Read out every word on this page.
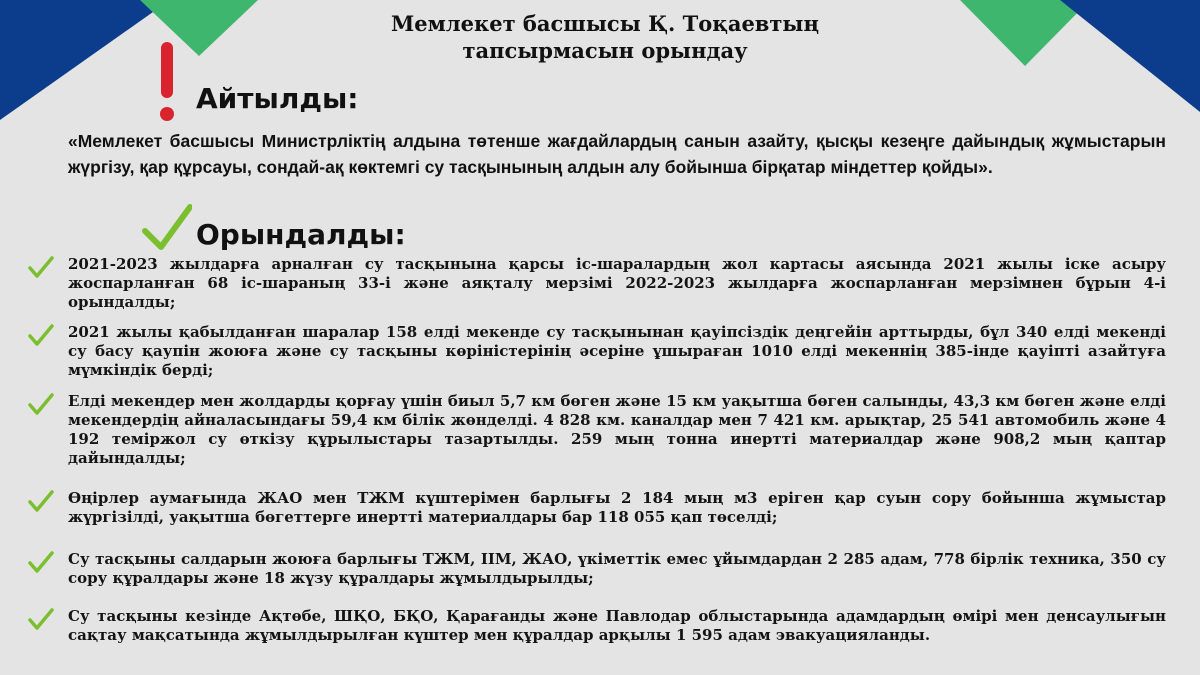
Мемлекет басшысы Қ. Тоқаевтың
тапсырмасын орындау
Айтылды:
«Мемлекет басшысы Министрліктің алдына төтенше жағдайлардың санын азайту, қысқы кезеңге дайындық жұмыстарын жүргізу, қар құрсауы, сондай-ақ көктемгі су тасқынының алдын алу бойынша бірқатар міндеттер қойды».
Орындалды:
2021-2023 жылдарға арналған су тасқынына қарсы іс-шаралардың жол картасы аясында 2021 жылы іске асыру жоспарланған 68 іс-шараның 33-і және аяқталу мерзімі 2022-2023 жылдарға жоспарланған мерзімнен бұрын 4-і орындалды;
2021 жылы қабылданған шаралар 158 елді мекенде су тасқынынан қауіпсіздік деңгейін арттырды, бұл 340 елді мекенді су басу қаупін жоюға және су тасқыны көріністерінің әсеріне ұшыраған 1010 елді мекеннің 385-інде қауіпті азайтуға мүмкіндік берді;
Елді мекендер мен жолдарды қорғау үшін биыл 5,7 км бөген және 15 км уақытша бөген салынды, 43,3 км бөген және елді мекендердің айналасындағы 59,4 км білік жөнделді. 4 828 км. каналдар мен 7 421 км. арықтар, 25 541 автомобиль және 4 192 теміржол су өткізу құрылыстары тазартылды. 259 мың тонна инертті материалдар және 908,2 мың қаптар дайындалды;
Өңірлер аумағында ЖАО мен ТЖМ күштерімен барлығы 2 184 мың м3 еріген қар суын сору бойынша жұмыстар жүргізілді, уақытша бөгеттерге инертті материалдары бар 118 055 қап төселді;
Су тасқыны салдарын жоюға барлығы ТЖМ, ІІМ, ЖАО, үкіметтік емес ұйымдардан 2 285 адам, 778 бірлік техника, 350 су сору құралдары және 18 жүзу құралдары жұмылдырылды;
Су тасқыны кезінде Ақтөбе, ШҚО, БҚО, Қарағанды және Павлодар облыстарында адамдардың өмірі мен денсаулығын сақтау мақсатында жұмылдырылған күштер мен құралдар арқылы 1 595 адам эвакуацияланды.
